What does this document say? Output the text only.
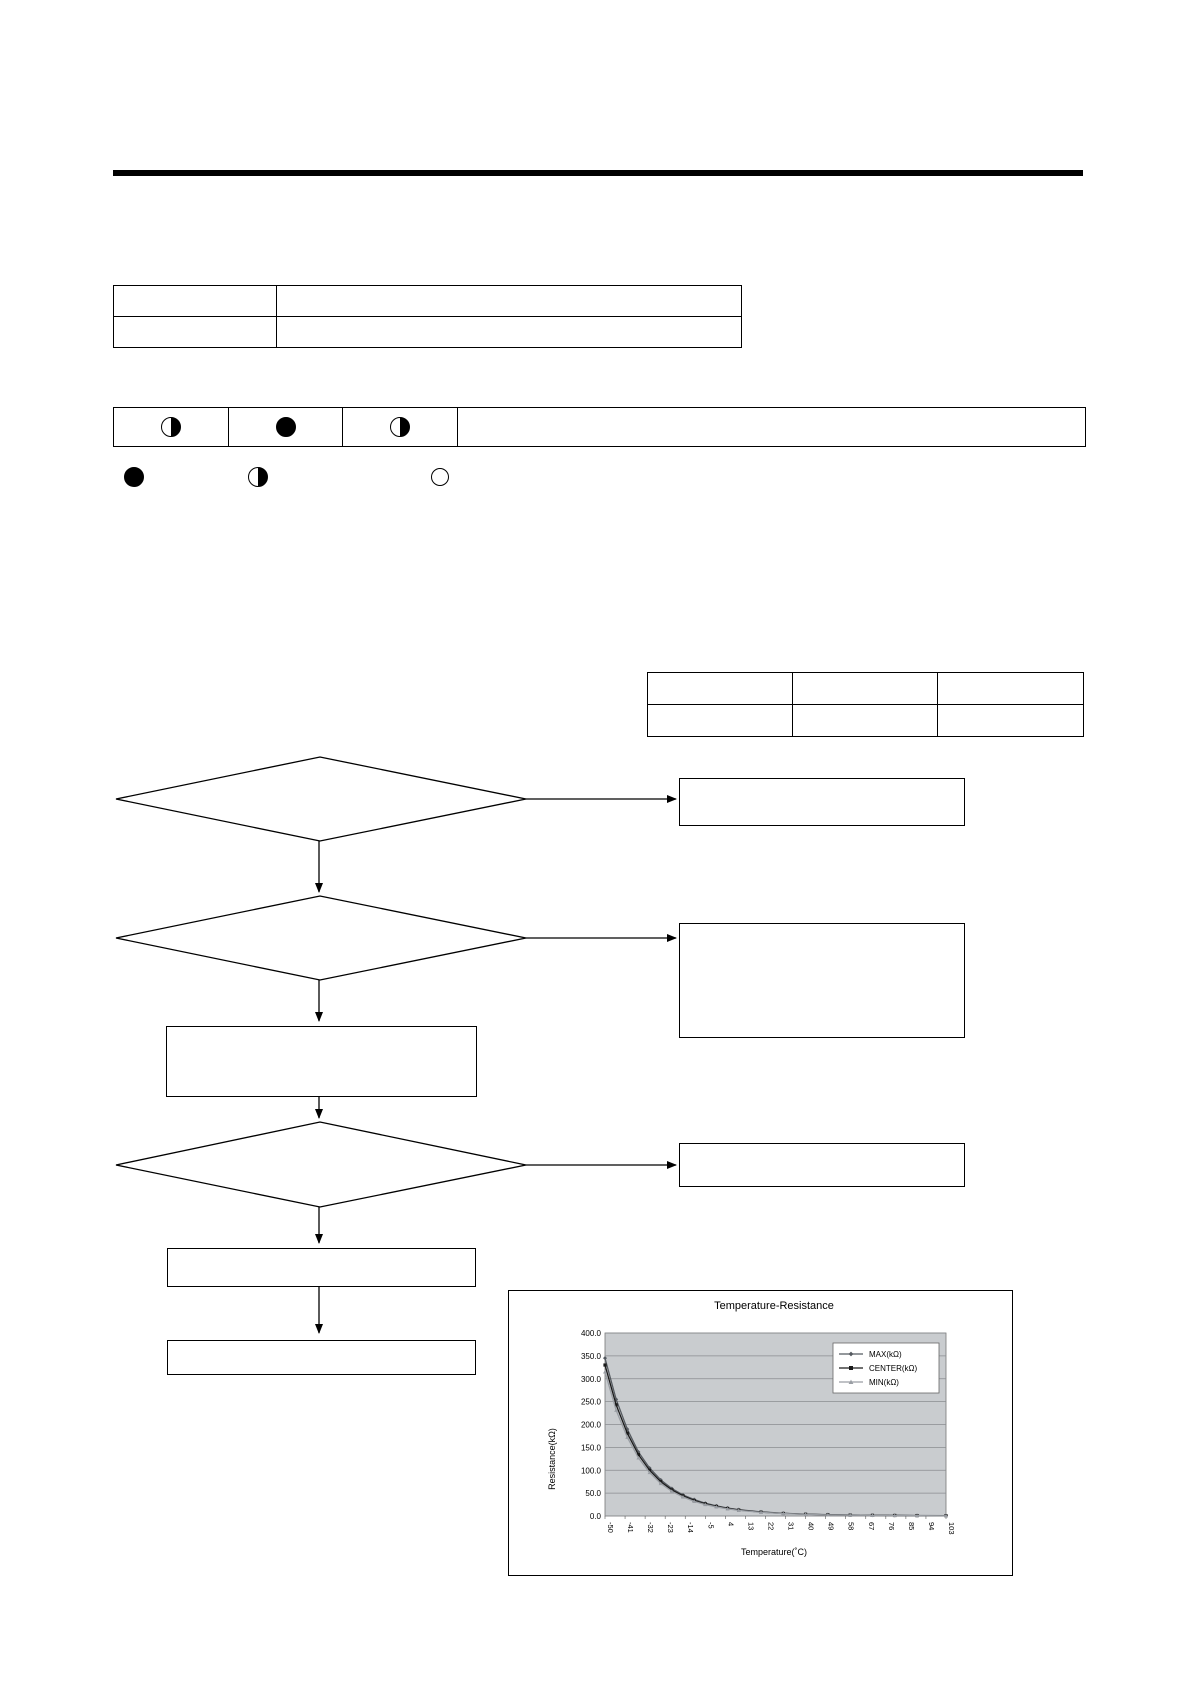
Temperature-Resistance
Resistance(kΩ)
Temperature(˚C)
0.0
50.0
100.0
150.0
200.0
250.0
300.0
350.0
400.0
-50 -41 -32 -23 -14 -5 4 13 22 31 40 49 58 67 76 85 94 103
MAX(kΩ)
CENTER(kΩ)
MIN(kΩ)
